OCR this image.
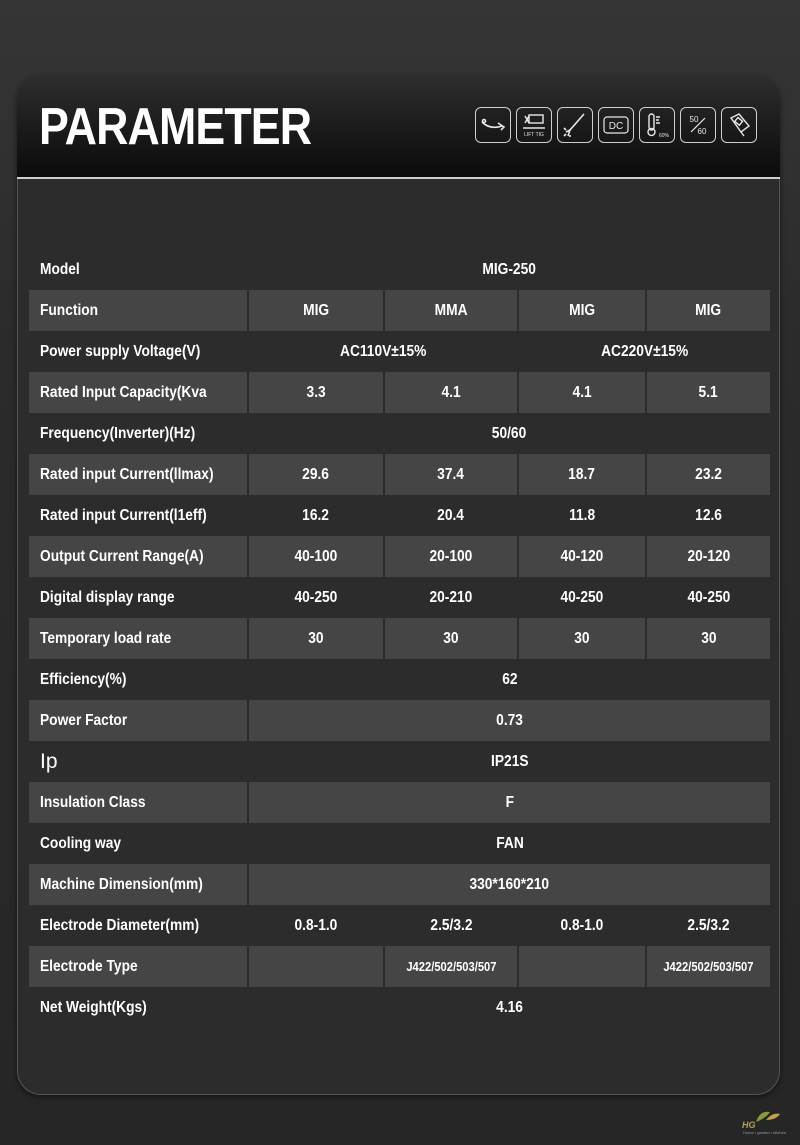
PARAMETER	LIFT TIG
DC
60%
50
60
Model	MIG-250			
Function	MIG	MMA	MIG	MIG
Power supply Voltage(V)	AC110V±15%		AC220V±15%	
Rated Input Capacity(Kva	3.3	4.1	4.1	5.1
Frequency(Inverter)(Hz)	50/60			
Rated input Current(llmax)	29.6	37.4	18.7	23.2
Rated input Current(l1eff)	16.2	20.4	11.8	12.6
Output Current Range(A)	40-100	20-100	40-120	20-120
Digital display range	40-250	20-210	40-250	40-250
Temporary load rate	30	30	30	30
Efficiency(%)	62			
Power Factor	0.73			
Ip	IP21S			
Insulation Class	F			
Cooling way	FAN			
Machine Dimension(mm)	330*160*210			
Electrode Diameter(mm)	0.8-1.0	2.5/3.2	0.8-1.0	2.5/3.2
Electrode Type		J422/502/503/507		J422/502/503/507
Net Weight(Kgs)	4.16			
HG
Home • garden • kitchen
